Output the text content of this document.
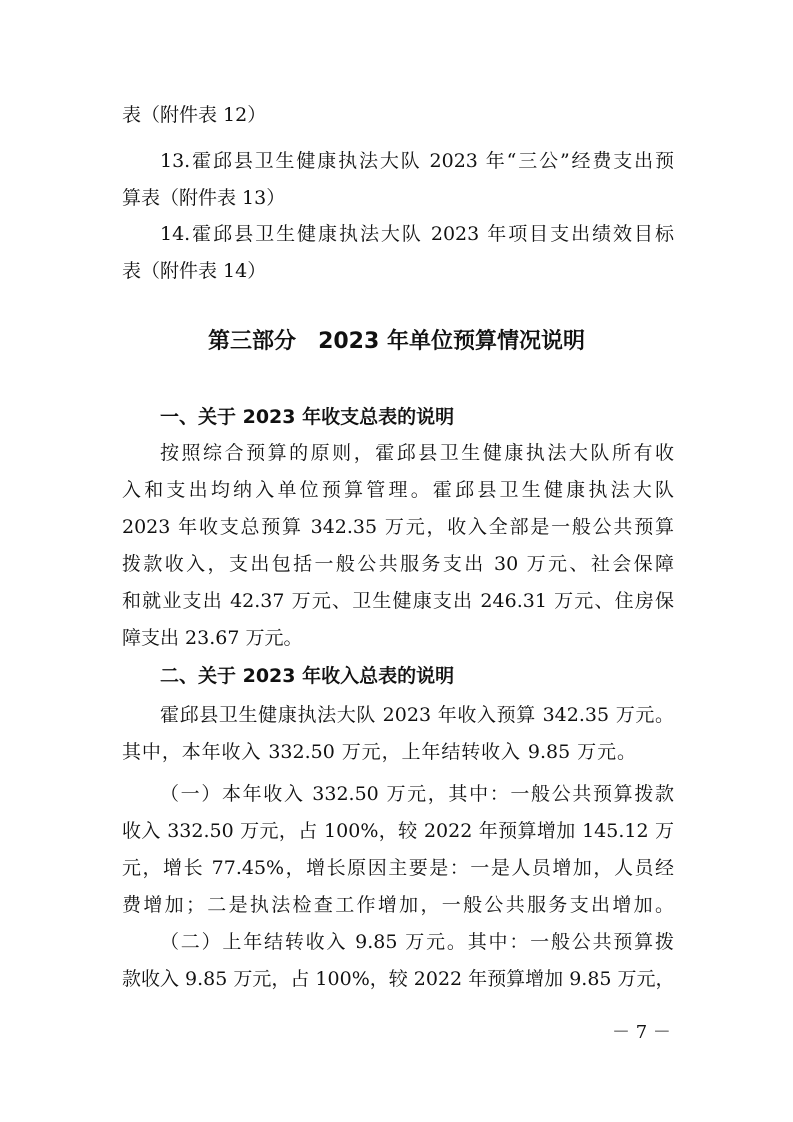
表（附件表 12）
13.霍邱县卫生健康执法大队 2023 年“三公”经费支出预
算表（附件表 13）
14.霍邱县卫生健康执法大队 2023 年项目支出绩效目标
表（附件表 14）
第三部分 2023 年单位预算情况说明
一、关于 2023 年收支总表的说明
按照综合预算的原则，霍邱县卫生健康执法大队所有收
入和支出均纳入单位预算管理。霍邱县卫生健康执法大队
2023 年收支总预算 342.35 万元，收入全部是一般公共预算
拨款收入，支出包括一般公共服务支出 30 万元、社会保障
和就业支出 42.37 万元、卫生健康支出 246.31 万元、住房保
障支出 23.67 万元。
二、关于 2023 年收入总表的说明
霍邱县卫生健康执法大队 2023 年收入预算 342.35 万元。
其中，本年收入 332.50 万元，上年结转收入 9.85 万元。
（一）本年收入 332.50 万元，其中：一般公共预算拨款
收入 332.50 万元，占 100%，较 2022 年预算增加 145.12 万
元，增长 77.45%，增长原因主要是：一是人员增加，人员经
费增加；二是执法检查工作增加，一般公共服务支出增加。
（二）上年结转收入 9.85 万元。其中：一般公共预算拨
款收入 9.85 万元，占 100%，较 2022 年预算增加 9.85 万元，
－ 7 －
